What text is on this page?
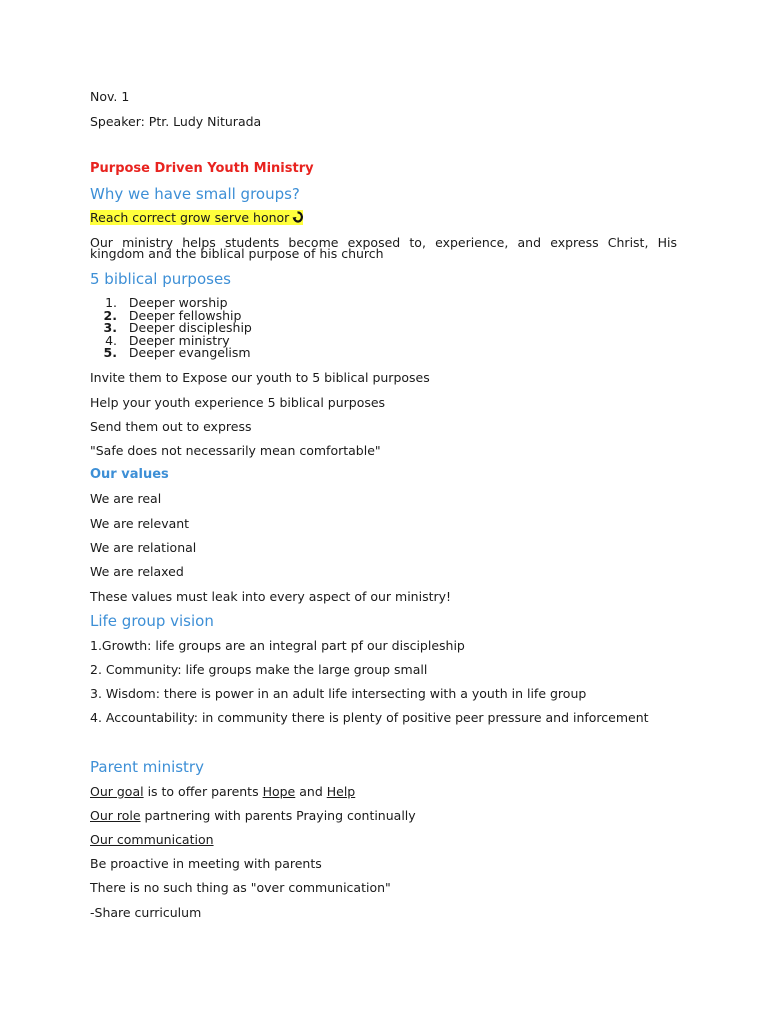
Nov. 1
Speaker: Ptr. Ludy Niturada
Purpose Driven Youth Ministry
Why we have small groups?
Reach correct grow serve honor
Our ministry helps students become exposed to, experience, and express Christ, His kingdom and the biblical purpose of his church
5 biblical purposes
1.
Deeper worship
2.
Deeper fellowship
3.
Deeper discipleship
4.
Deeper ministry
5.
Deeper evangelism
Invite them to Expose our youth to 5 biblical purposes
Help your youth experience 5 biblical purposes
Send them out to express
"Safe does not necessarily mean comfortable"
Our values
We are real
We are relevant
We are relational
We are relaxed
These values must leak into every aspect of our ministry!
Life group vision
1.Growth: life groups are an integral part pf our discipleship
2. Community: life groups make the large group small
3. Wisdom: there is power in an adult life intersecting with a youth in life group
4. Accountability: in community there is plenty of positive peer pressure and inforcement
Parent ministry
Our goal is to offer parents Hope and Help
Our role partnering with parents Praying continually
Our communication
Be proactive in meeting with parents
There is no such thing as "over communication"
-Share curriculum
